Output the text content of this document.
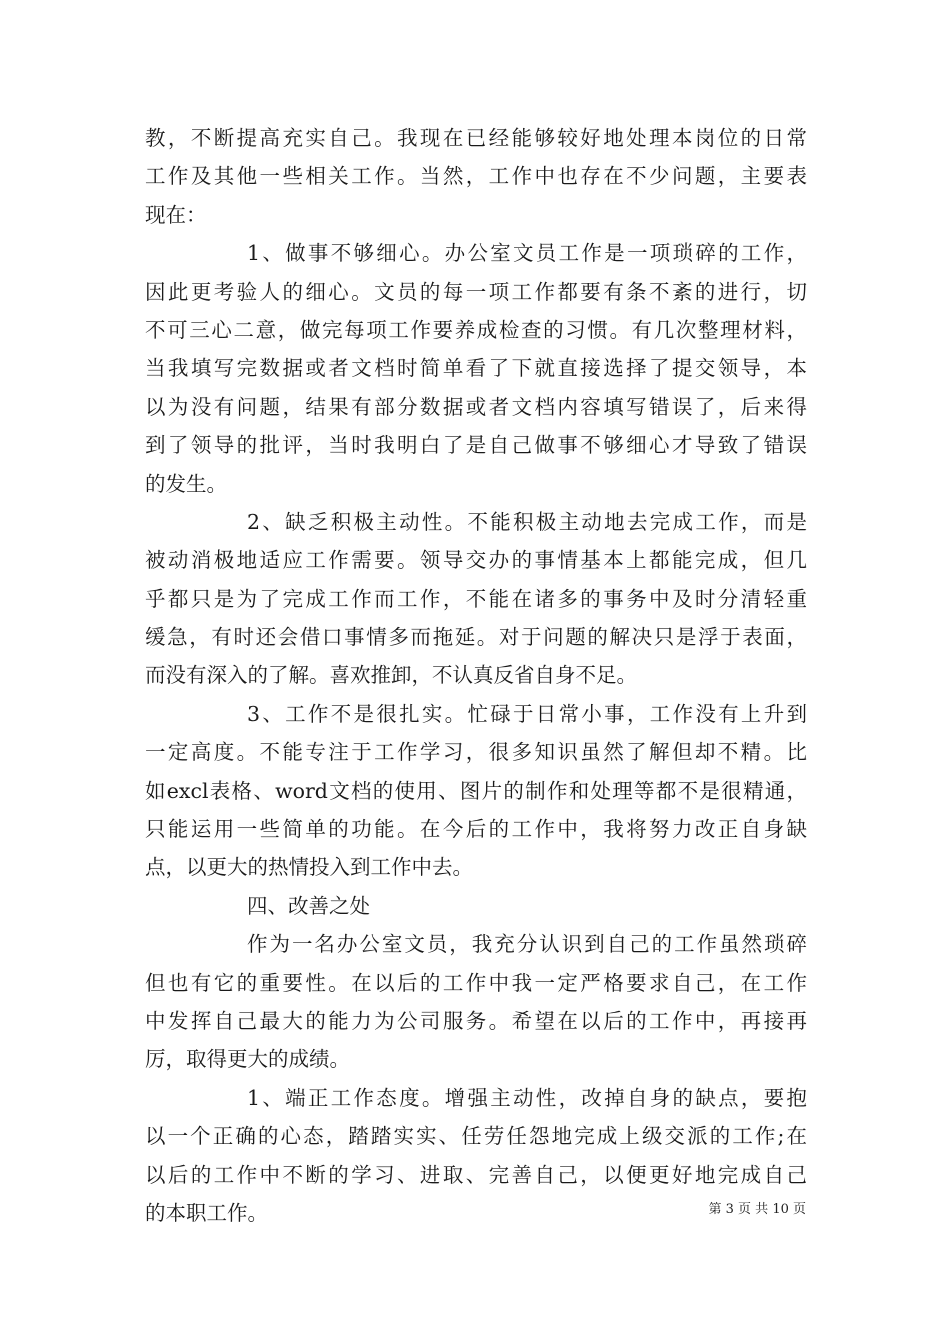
教，不断提高充实自己。我现在已经能够较好地处理本岗位的日常
工作及其他一些相关工作。当然，工作中也存在不少问题，主要表
现在：
1、做事不够细心。办公室文员工作是一项琐碎的工作，
因此更考验人的细心。文员的每一项工作都要有条不紊的进行，切
不可三心二意，做完每项工作要养成检查的习惯。有几次整理材料，
当我填写完数据或者文档时简单看了下就直接选择了提交领导，本
以为没有问题，结果有部分数据或者文档内容填写错误了，后来得
到了领导的批评，当时我明白了是自己做事不够细心才导致了错误
的发生。
2、缺乏积极主动性。不能积极主动地去完成工作，而是
被动消极地适应工作需要。领导交办的事情基本上都能完成，但几
乎都只是为了完成工作而工作，不能在诸多的事务中及时分清轻重
缓急，有时还会借口事情多而拖延。对于问题的解决只是浮于表面，
而没有深入的了解。喜欢推卸，不认真反省自身不足。
3、工作不是很扎实。忙碌于日常小事，工作没有上升到
一定高度。不能专注于工作学习，很多知识虽然了解但却不精。比
如excl表格、word文档的使用、图片的制作和处理等都不是很精通，
只能运用一些简单的功能。在今后的工作中，我将努力改正自身缺
点，以更大的热情投入到工作中去。
四、改善之处
作为一名办公室文员，我充分认识到自己的工作虽然琐碎
但也有它的重要性。在以后的工作中我一定严格要求自己，在工作
中发挥自己最大的能力为公司服务。希望在以后的工作中，再接再
厉，取得更大的成绩。
1、端正工作态度。增强主动性，改掉自身的缺点，要抱
以一个正确的心态，踏踏实实、任劳任怨地完成上级交派的工作;在
以后的工作中不断的学习、进取、完善自己，以便更好地完成自己
的本职工作。	第 3 页 共 10 页
